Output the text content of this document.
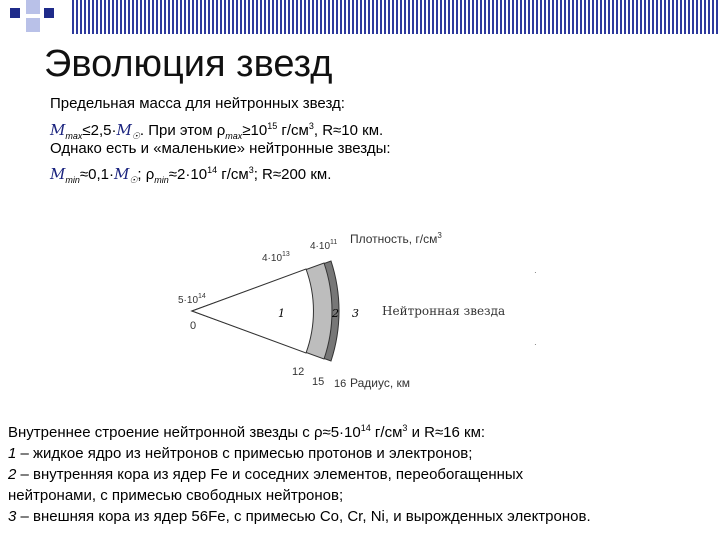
Эволюция звезд
Предельная масса для нейтронных звезд:
$M_{max}\le 2,5\cdot M_☉$. При этом $\rho_{max}\ge 10^{15}$ $г/см^3$, R≈10 км.
Однако есть и «маленькие» нейтронные звезды:
$M_{min}\approx 0,1\cdot M_☉$; $\rho_{min}\approx 2\cdot 10^{14}$ $г/см^3$; R≈200 км.
1	2 3
Плотность, $г/см^3$
$4\cdot 10^{11}$
$4\cdot 10^{13}$
$5\cdot 10^{14}$
Нейтронная звезда
0
12
15 16 Радиус, км
·
·
Внутреннее строение нейтронной звезды с $\rho\approx 5\cdot 10^{14}$ $г/см^3$ и R≈16 км:
1 – жидкое ядро из нейтронов с примесью протонов и электронов;
2 – внутренняя кора из ядер Fe и соседних элементов, переобогащенных
нейтронами, с примесью свободных нейтронов;
3 – внешняя кора из ядер 56Fe, с примесью Co, Cr, Ni, и вырожденных электронов.
